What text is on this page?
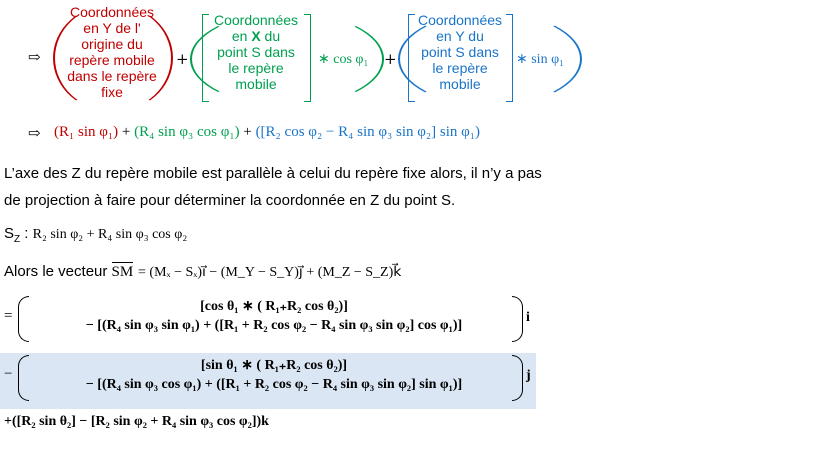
⇨
Coordonnées
en Y de l'
origine du
repère mobile
dans le repère
fixe
+
Coordonnées
en X du
point S dans
le repère
mobile
∗ cos φ₁ +
Coordonnées
en Y du
point S dans
le repère
mobile
∗ sin φ₁
⇨ (R₁ sin φ₁) + (R₄ sin φ₃ cos φ₁) + ([R₂ cos φ₂ − R₄ sin φ₃ sin φ₂] sin φ₁)
L’axe des Z du repère mobile est parallèle à celui du repère fixe alors, il n’y a pas
de projection à faire pour déterminer la coordonnée en Z du point S.
$S_Z$ : R₂ sin φ₂ + R₄ sin φ₃ cos φ₂
Alors le vecteur
SM = (Mₓ − Sₓ)i⃗ − (M_Y − S_Y)j⃗ + (M_Z − S_Z)k⃗
=
[cos θ₁ ∗ ( R₁₊R₂ cos θ₂)]
− [(R₄ sin φ₃ sin φ₁) + ([R₁ + R₂ cos φ₂ − R₄ sin φ₃ sin φ₂] cos φ₁)]
i⃗
−
[sin θ₁ ∗ ( R₁₊R₂ cos θ₂)]
− [(R₄ sin φ₃ cos φ₁) + ([R₁ + R₂ cos φ₂ − R₄ sin φ₃ sin φ₂] sin φ₁)]
j⃗
+([R₂ sin θ₂] − [R₂ sin φ₂ + R₄ sin φ₃ cos φ₂])k⃗
